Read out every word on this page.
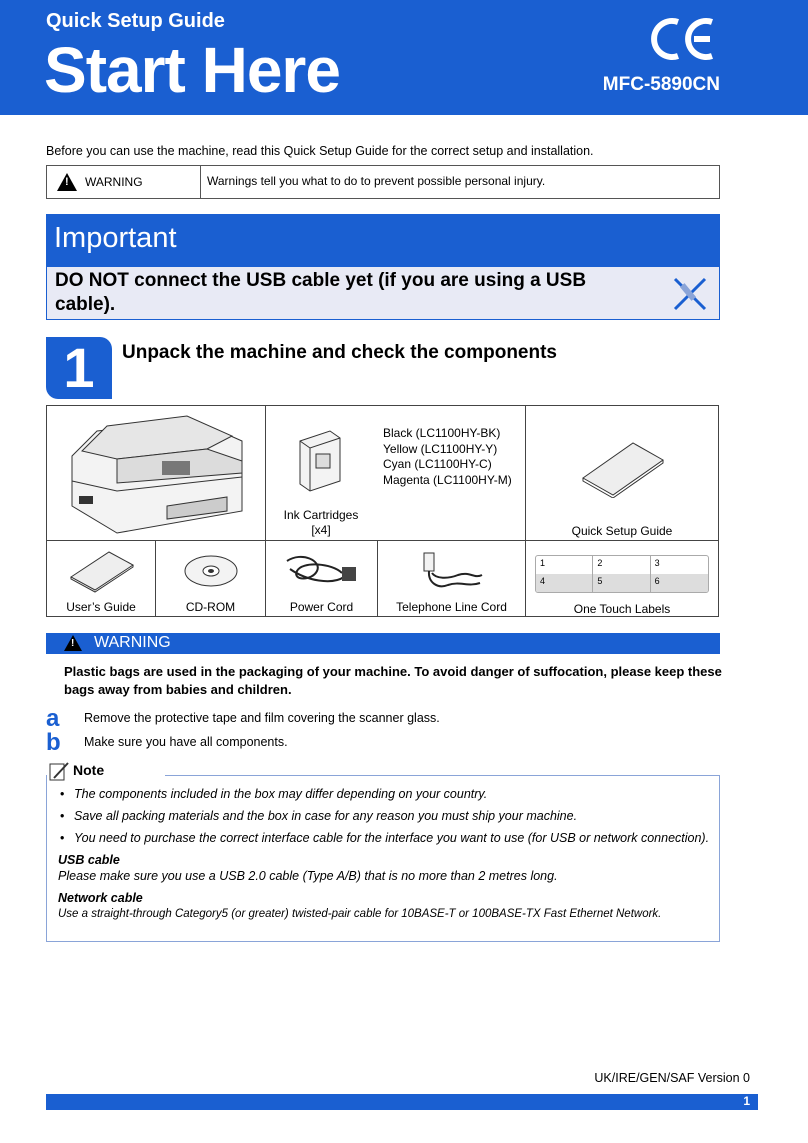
Quick Setup Guide
Start Here	MFC-5890CN
Before you can use the machine, read this Quick Setup Guide for the correct setup and installation.
!
WARNING	Warnings tell you what to do to prevent possible personal injury.
Important
DO NOT connect the USB cable yet (if you are using a USB cable).
1	Unpack the machine and check the components
Black (LC1100HY-BK)
Yellow (LC1100HY-Y)
Cyan (LC1100HY-C)
Magenta (LC1100HY-M)
Ink Cartridges
[x4]	Quick Setup Guide
User’s Guide	CD-ROM	Power Cord	Telephone Line Cord
1	2	3
4	5	6
One Touch Labels
!
WARNING
Plastic bags are used in the packaging of your machine. To avoid danger of suffocation, please keep these bags away from babies and children.
a Remove the protective tape and film covering the scanner glass.
b Make sure you have all components.
Note
• The components included in the box may differ depending on your country.
• Save all packing materials and the box in case for any reason you must ship your machine.
• You need to purchase the correct interface cable for the interface you want to use (for USB or network connection).
USB cable
Please make sure you use a USB 2.0 cable (Type A/B) that is no more than 2 metres long.
Network cable
Use a straight-through Category5 (or greater) twisted-pair cable for 10BASE-T or 100BASE-TX Fast Ethernet Network.
UK/IRE/GEN/SAF Version 0
1
